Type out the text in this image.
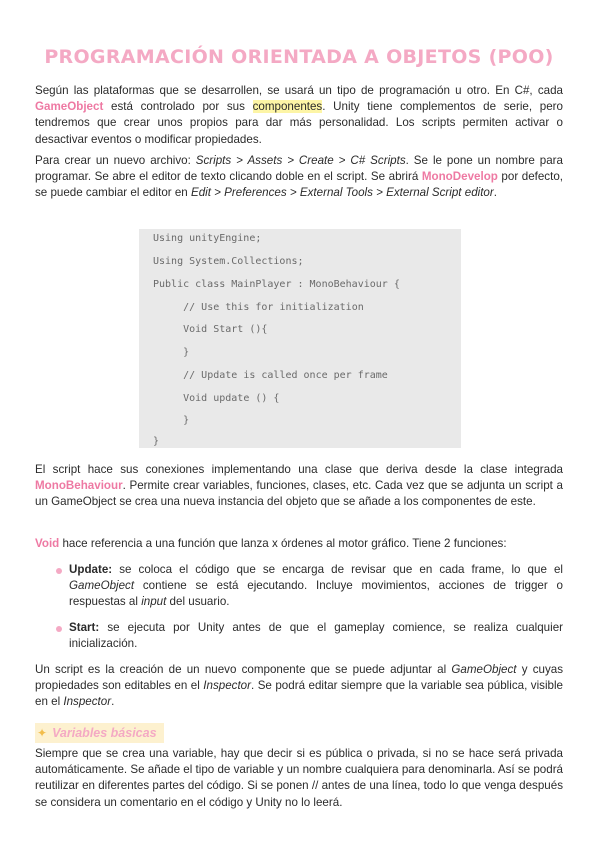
PROGRAMACIÓN ORIENTADA A OBJETOS (POO)

Según las plataformas que se desarrollen, se usará un tipo de programación u otro. En C#, cada GameObject está controlado por sus componentes. Unity tiene complementos de serie, pero tendremos que crear unos propios para dar más personalidad. Los scripts permiten activar o desactivar eventos o modificar propiedades.

Para crear un nuevo archivo: Scripts > Assets > Create > C# Scripts. Se le pone un nombre para programar. Se abre el editor de texto clicando doble en el script. Se abrirá MonoDevelop por defecto, se puede cambiar el editor en Edit > Preferences > External Tools > External Script editor.

Using unityEngine;
Using System.Collections;
Public class MainPlayer : MonoBehaviour {
// Use this for initialization
Void Start (){
}
// Update is called once per frame
Void update () {
}
}

El script hace sus conexiones implementando una clase que deriva desde la clase integrada MonoBehaviour. Permite crear variables, funciones, clases, etc. Cada vez que se adjunta un script a un GameObject se crea una nueva instancia del objeto que se añade a los componentes de este.

Void hace referencia a una función que lanza x órdenes al motor gráfico. Tiene 2 funciones:

Update: se coloca el código que se encarga de revisar que en cada frame, lo que el GameObject contiene se está ejecutando. Incluye movimientos, acciones de trigger o respuestas al input del usuario.
Start: se ejecuta por Unity antes de que el gameplay comience, se realiza cualquier inicialización.

Un script es la creación de un nuevo componente que se puede adjuntar al GameObject y cuyas propiedades son editables en el Inspector. Se podrá editar siempre que la variable sea pública, visible en el Inspector.

✦ Variables básicas

Siempre que se crea una variable, hay que decir si es pública o privada, si no se hace será privada automáticamente. Se añade el tipo de variable y un nombre cualquiera para denominarla. Así se podrá reutilizar en diferentes partes del código. Si se ponen // antes de una línea, todo lo que venga después se considera un comentario en el código y Unity no lo leerá.
